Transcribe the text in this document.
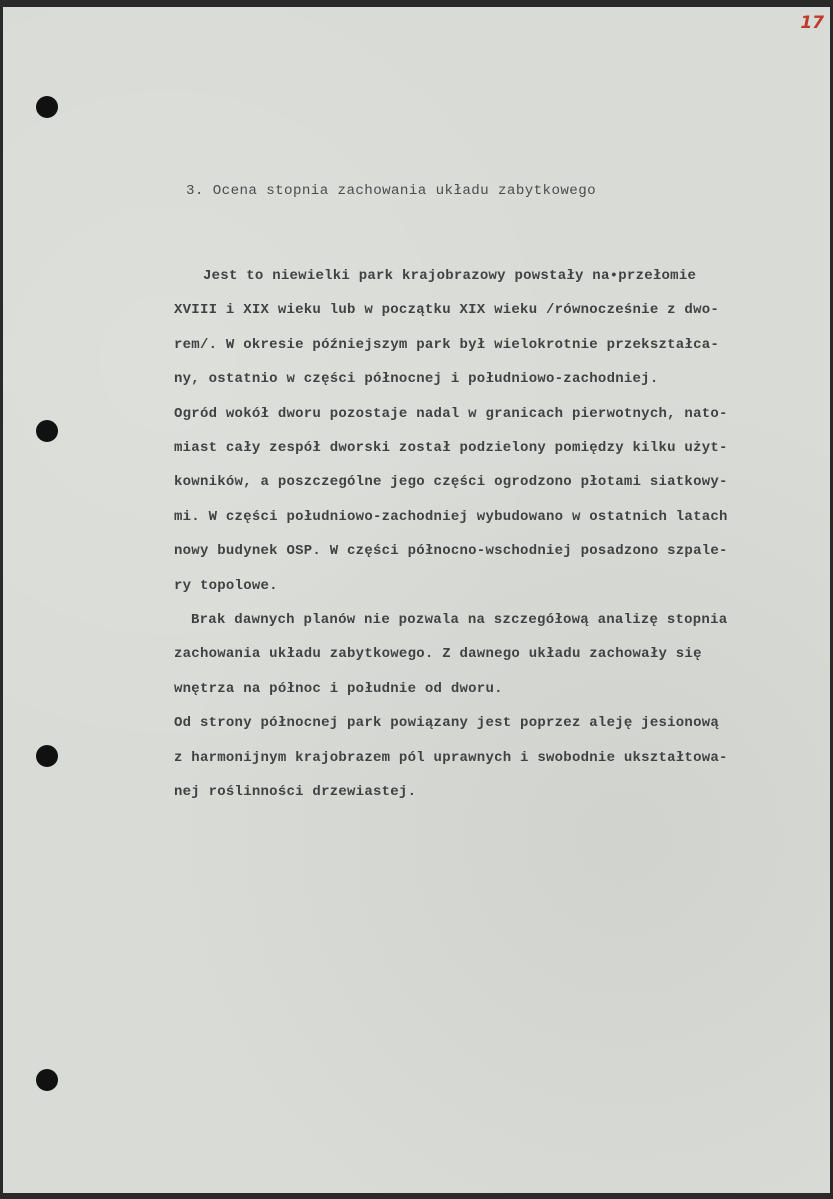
17
3. Ocena stopnia zachowania układu zabytkowego
Jest to niewielki park krajobrazowy powstały na•przełomie
XVIII i XIX wieku lub w początku XIX wieku /równocześnie z dwo-
rem/. W okresie późniejszym park był wielokrotnie przekształca-
ny, ostatnio w części północnej i południowo-zachodniej.
Ogród wokół dworu pozostaje nadal w granicach pierwotnych, nato-
miast cały zespół dworski został podzielony pomiędzy kilku użyt-
kowników, a poszczególne jego części ogrodzono płotami siatkowy-
mi. W części południowo-zachodniej wybudowano w ostatnich latach
nowy budynek OSP. W części północno-wschodniej posadzono szpale-
ry topolowe.
Brak dawnych planów nie pozwala na szczegółową analizę stopnia
zachowania układu zabytkowego. Z dawnego układu zachowały się
wnętrza na północ i południe od dworu.
Od strony północnej park powiązany jest poprzez aleję jesionową
z harmonijnym krajobrazem pól uprawnych i swobodnie ukształtowa-
nej roślinności drzewiastej.
